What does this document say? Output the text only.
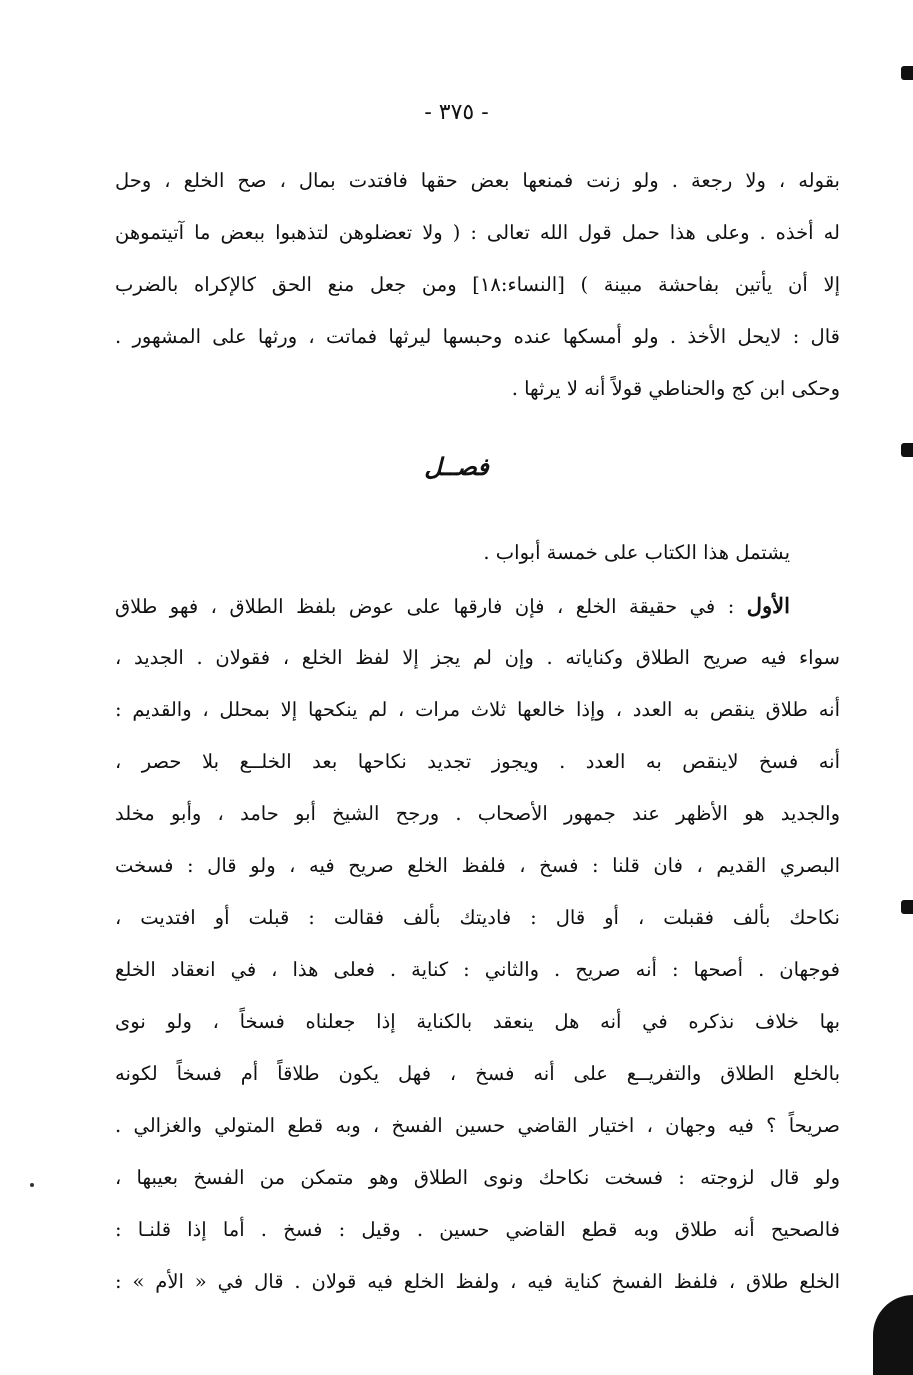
- ٣٧٥ -
بقوله ، ولا رجعة . ولو زنت فمنعها بعض حقها فافتدت بمال ، صح الخلع ، وحل
له أخذه . وعلى هذا حمل قول الله تعالى : ( ولا تعضلوهن لتذهبوا ببعض ما آتيتموهن
إلا أن يأتين بفاحشة مبينة ) [النساء:١٨] ومن جعل منع الحق كالإكراه بالضرب
قال : لايحل الأخذ . ولو أمسكها عنده وحبسها ليرثها فماتت ، ورثها على المشهور .
وحكى ابن كج والحناطي قولاً أنه لا يرثها .
فصــل
يشتمل هذا الكتاب على خمسة أبواب .
الأول : في حقيقة الخلع ، فإن فارقها على عوض بلفظ الطلاق ، فهو طلاق
سواء فيه صريح الطلاق وكناياته . وإن لم يجز إلا لفظ الخلع ، فقولان . الجديد ،
أنه طلاق ينقص به العدد ، وإذا خالعها ثلاث مرات ، لم ينكحها إلا بمحلل ، والقديم :
أنه فسخ لاينقص به العدد . ويجوز تجديد نكاحها بعد الخلــع بلا حصر ،
والجديد هو الأظهر عند جمهور الأصحاب . ورجح الشيخ أبو حامد ، وأبو مخلد
البصري القديم ، فان قلنا : فسخ ، فلفظ الخلع صريح فيه ، ولو قال : فسخت
نكاحك بألف فقبلت ، أو قال : فاديتك بألف فقالت : قبلت أو افتديت ،
فوجهان . أصحها : أنه صريح . والثاني : كناية . فعلى هذا ، في انعقاد الخلع
بها خلاف نذكره في أنه هل ينعقد بالكناية إذا جعلناه فسخاً ، ولو نوى
بالخلع الطلاق والتفريــع على أنه فسخ ، فهل يكون طلاقاً أم فسخاً لكونه
صريحاً ؟ فيه وجهان ، اختيار القاضي حسين الفسخ ، وبه قطع المتولي والغزالي .
ولو قال لزوجته : فسخت نكاحك ونوى الطلاق وهو متمكن من الفسخ بعيبها ،
فالصحيح أنه طلاق وبه قطع القاضي حسين . وقيل : فسخ . أما إذا قلنـا :
الخلع طلاق ، فلفظ الفسخ كناية فيه ، ولفظ الخلع فيه قولان . قال في « الأم » :
